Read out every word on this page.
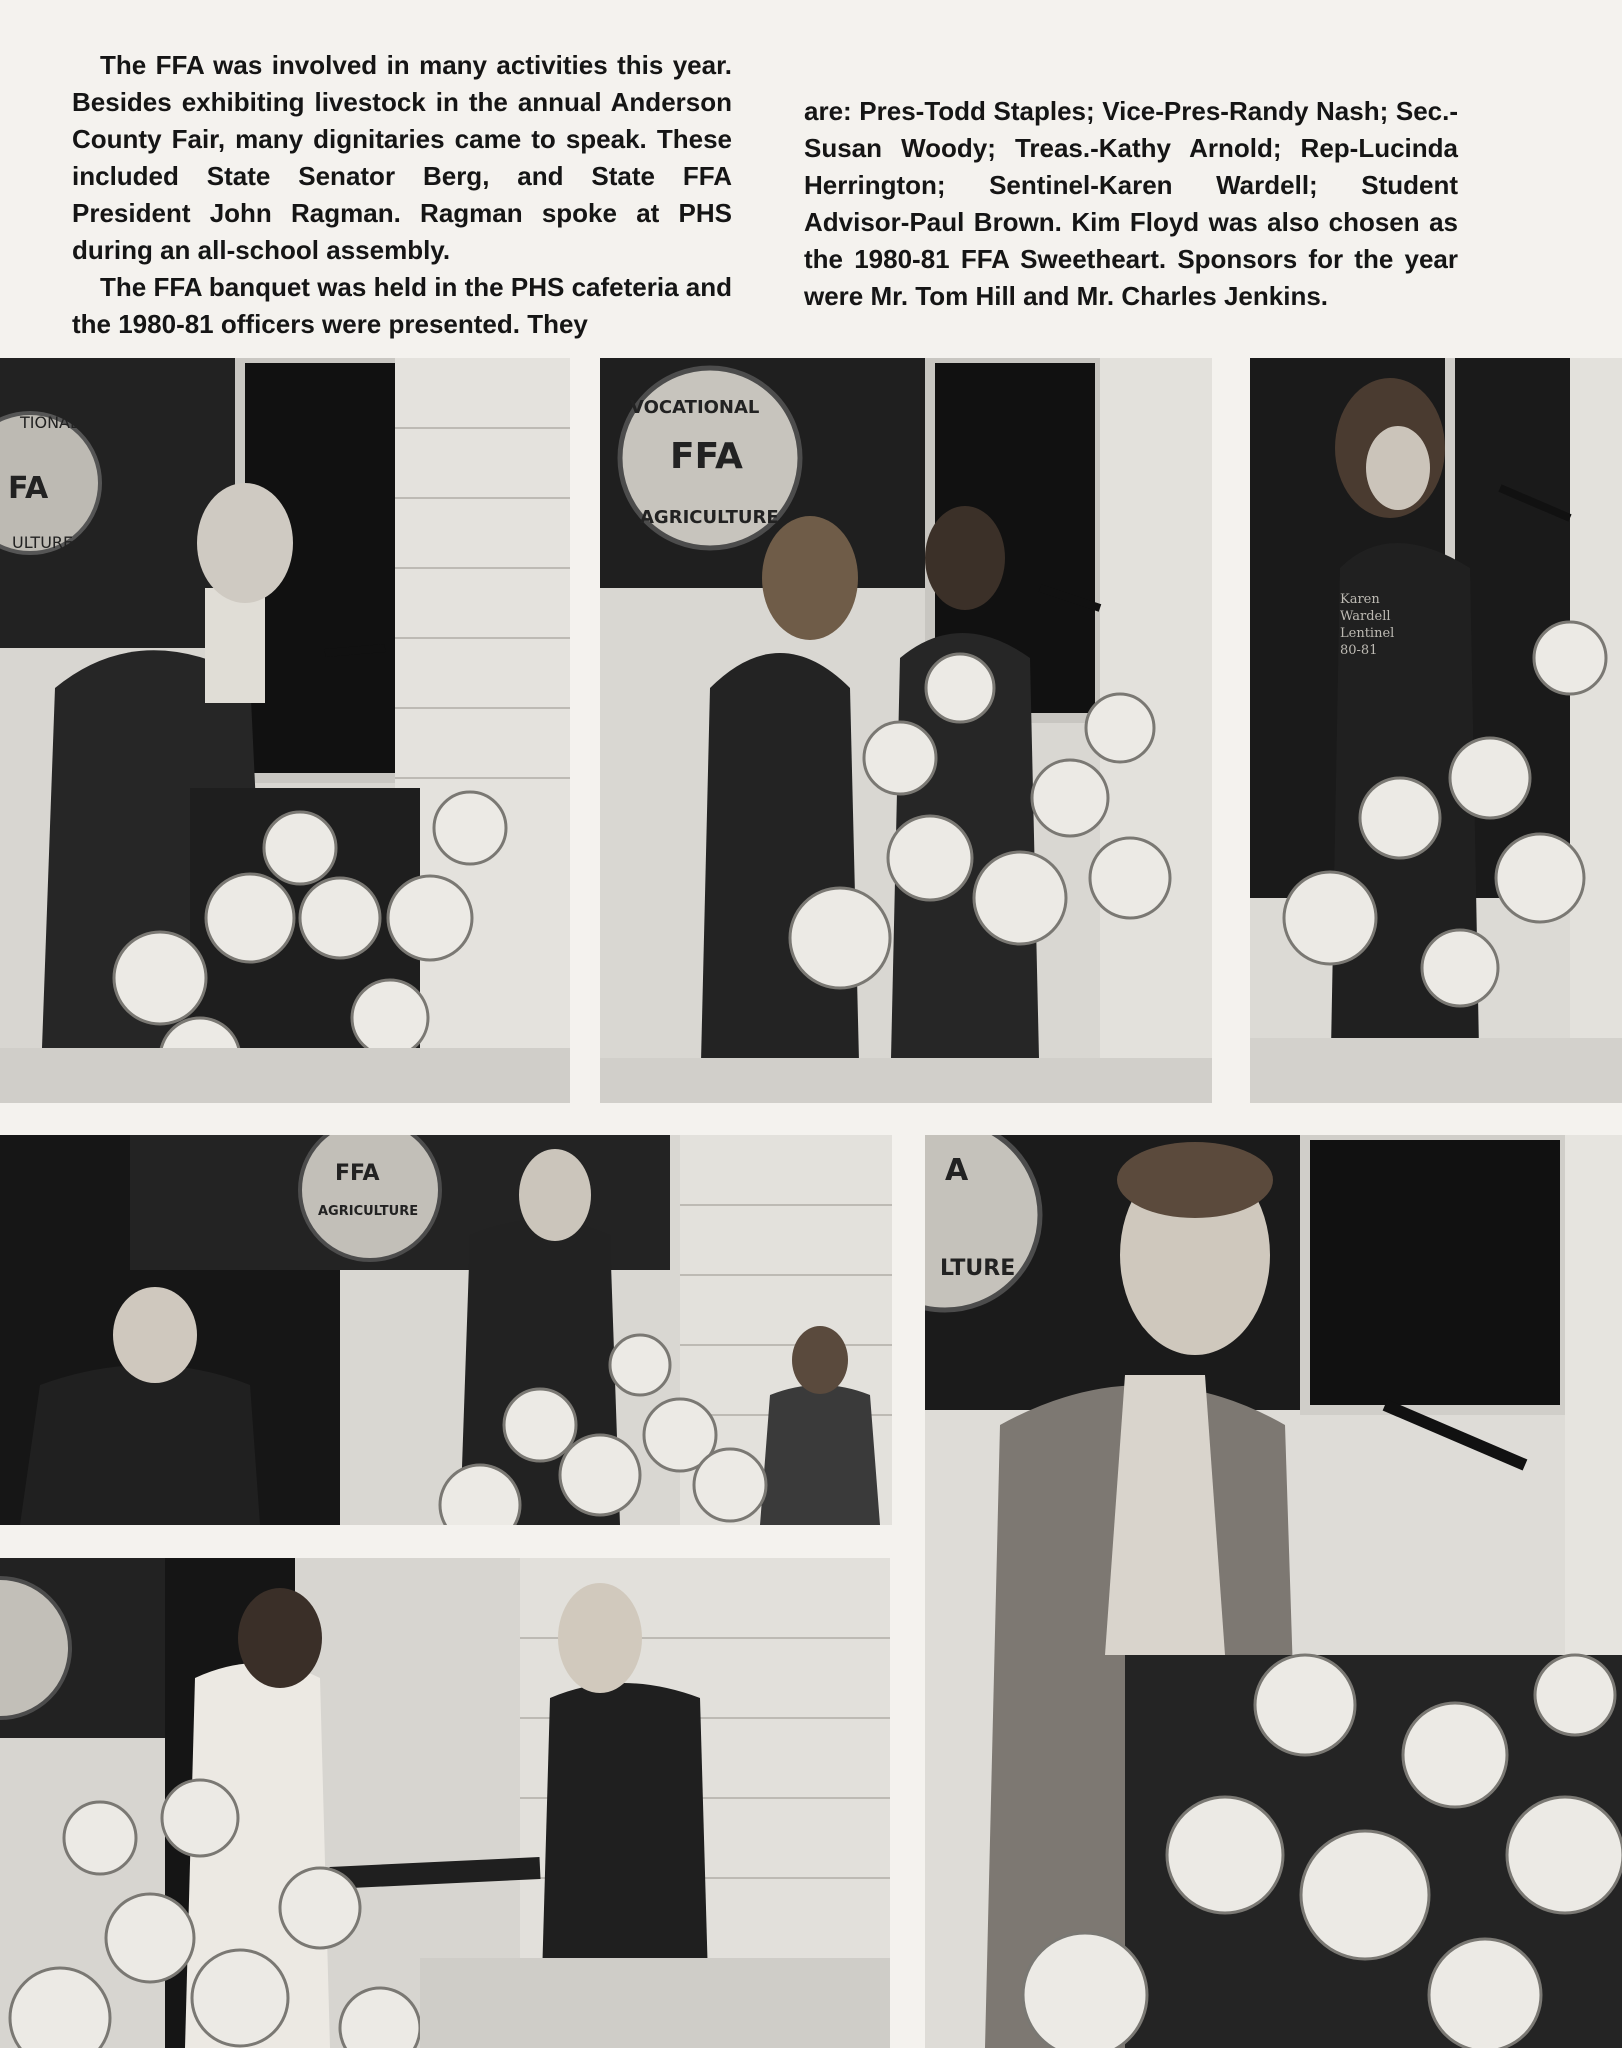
The FFA was involved in many activities this year. Besides exhibiting livestock in the annual Anderson County Fair, many dignitaries came to speak. These included State Senator Berg, and State FFA President John Ragman. Ragman spoke at PHS during an all-school assembly.

The FFA banquet was held in the PHS cafeteria and the 1980-81 officers were presented. They

are: Pres-Todd Staples; Vice-Pres-Randy Nash; Sec.-Susan Woody; Treas.-Kathy Arnold; Rep-Lucinda Herrington; Sentinel-Karen Wardell; Student Advisor-Paul Brown. Kim Floyd was also chosen as the 1980-81 FFA Sweetheart. Sponsors for the year were Mr. Tom Hill and Mr. Charles Jenkins.

TIONAL
FA
ULTURE
VOCATIONAL
FFA
AGRICULTURE
Karen
Wardell
Lentinel
80-81
FFA
AGRICULTURE
A
LTURE
